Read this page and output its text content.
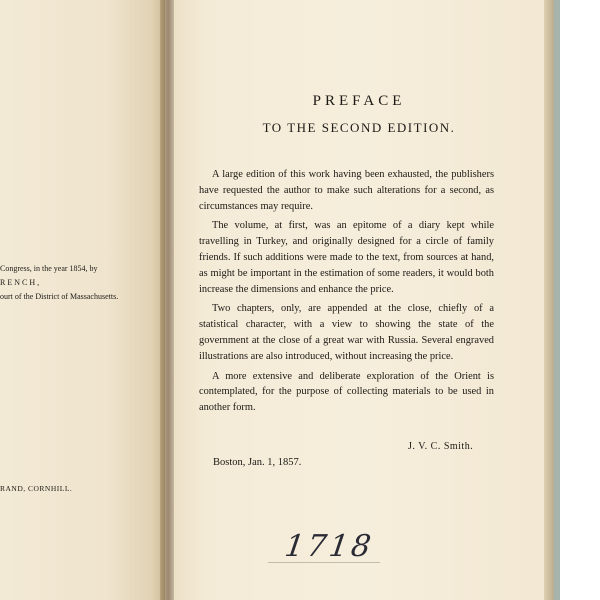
Congress, in the year 1854, by
RENCH,
ourt of the District of Massachusetts.
RAND, CORNHILL.
PREFACE
TO THE SECOND EDITION.

A large edition of this work having been exhausted, the publishers have requested the author to make such alterations for a second, as circumstances may require.

The volume, at first, was an epitome of a diary kept while travelling in Turkey, and originally designed for a circle of family friends. If such additions were made to the text, from sources at hand, as might be important in the estimation of some readers, it would both increase the dimensions and enhance the price.

Two chapters, only, are appended at the close, chiefly of a statistical character, with a view to showing the state of the government at the close of a great war with Russia. Several engraved illustrations are also introduced, without increasing the price.

A more extensive and deliberate exploration of the Orient is contemplated, for the purpose of collecting materials to be used in another form.

J. V. C. Smith.
Boston, Jan. 1, 1857.
1718
